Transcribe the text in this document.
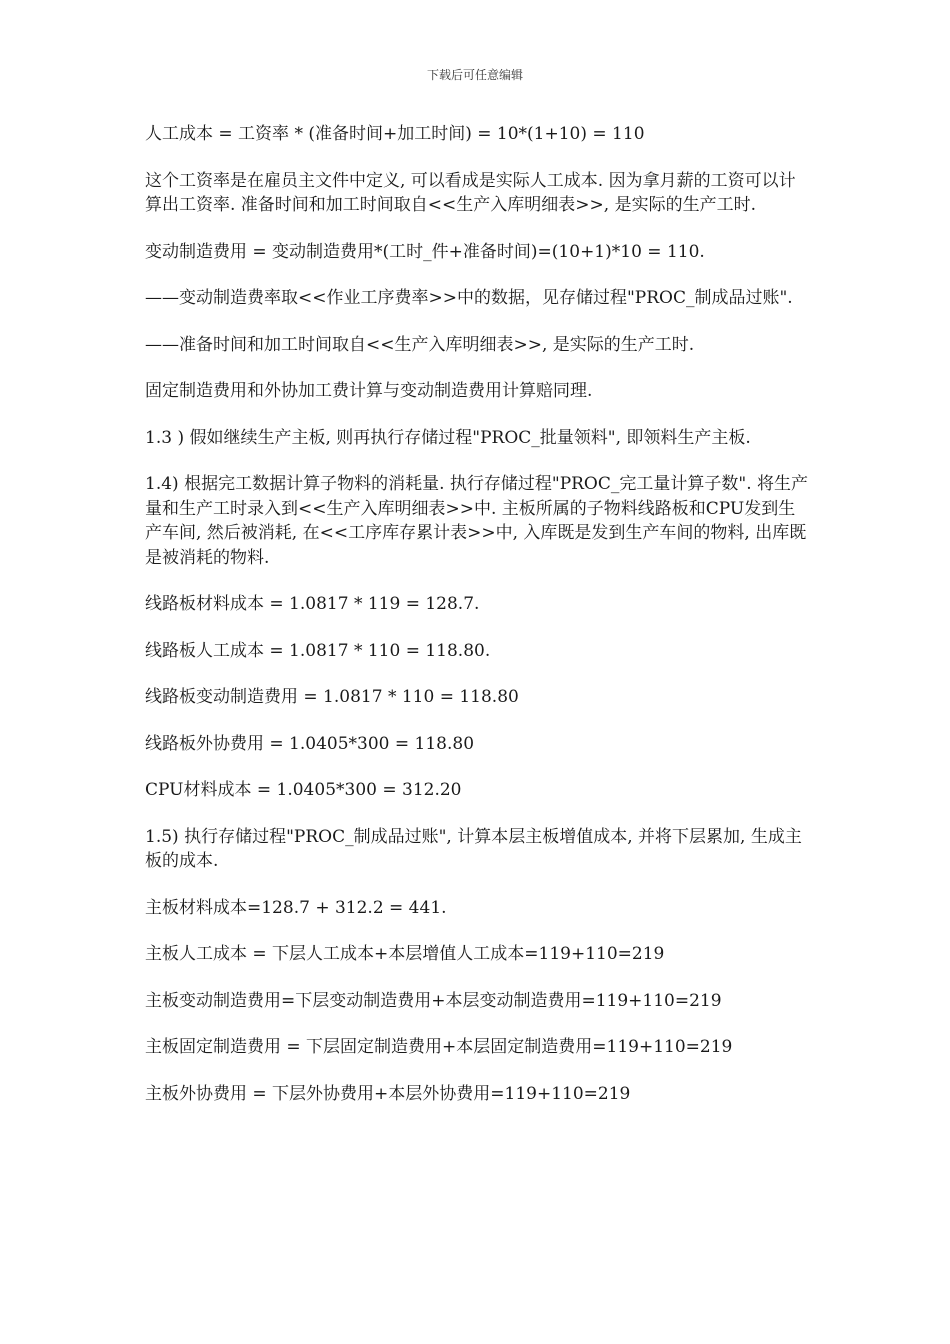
下载后可任意编辑

人工成本 = 工资率 * (准备时间+加工时间) = 10*(1+10) = 110

这个工资率是在雇员主文件中定义, 可以看成是实际人工成本. 因为拿月薪的工资可以计算出工资率. 准备时间和加工时间取自<<生产入库明细表>>, 是实际的生产工时.

变动制造费用 = 变动制造费用*(工时_件+准备时间)=(10+1)*10 = 110.

——变动制造费率取<<作业工序费率>>中的数据，见存储过程"PROC_制成品过账".

——准备时间和加工时间取自<<生产入库明细表>>, 是实际的生产工时.

固定制造费用和外协加工费计算与变动制造费用计算赔同理.

1.3 ) 假如继续生产主板, 则再执行存储过程"PROC_批量领料", 即领料生产主板.

1.4) 根据完工数据计算子物料的消耗量. 执行存储过程"PROC_完工量计算子数". 将生产量和生产工时录入到<<生产入库明细表>>中. 主板所属的子物料线路板和CPU发到生产车间, 然后被消耗, 在<<工序库存累计表>>中, 入库既是发到生产车间的物料, 出库既是被消耗的物料.

线路板材料成本 = 1.0817 * 119 = 128.7.

线路板人工成本 = 1.0817 * 110 = 118.80.

线路板变动制造费用 = 1.0817 * 110 = 118.80

线路板外协费用 = 1.0405*300 = 118.80

CPU材料成本 = 1.0405*300 = 312.20

1.5) 执行存储过程"PROC_制成品过账", 计算本层主板增值成本, 并将下层累加, 生成主板的成本.

主板材料成本=128.7 + 312.2 = 441.

主板人工成本 = 下层人工成本+本层增值人工成本=119+110=219

主板变动制造费用=下层变动制造费用+本层变动制造费用=119+110=219

主板固定制造费用 = 下层固定制造费用+本层固定制造费用=119+110=219

主板外协费用 = 下层外协费用+本层外协费用=119+110=219
